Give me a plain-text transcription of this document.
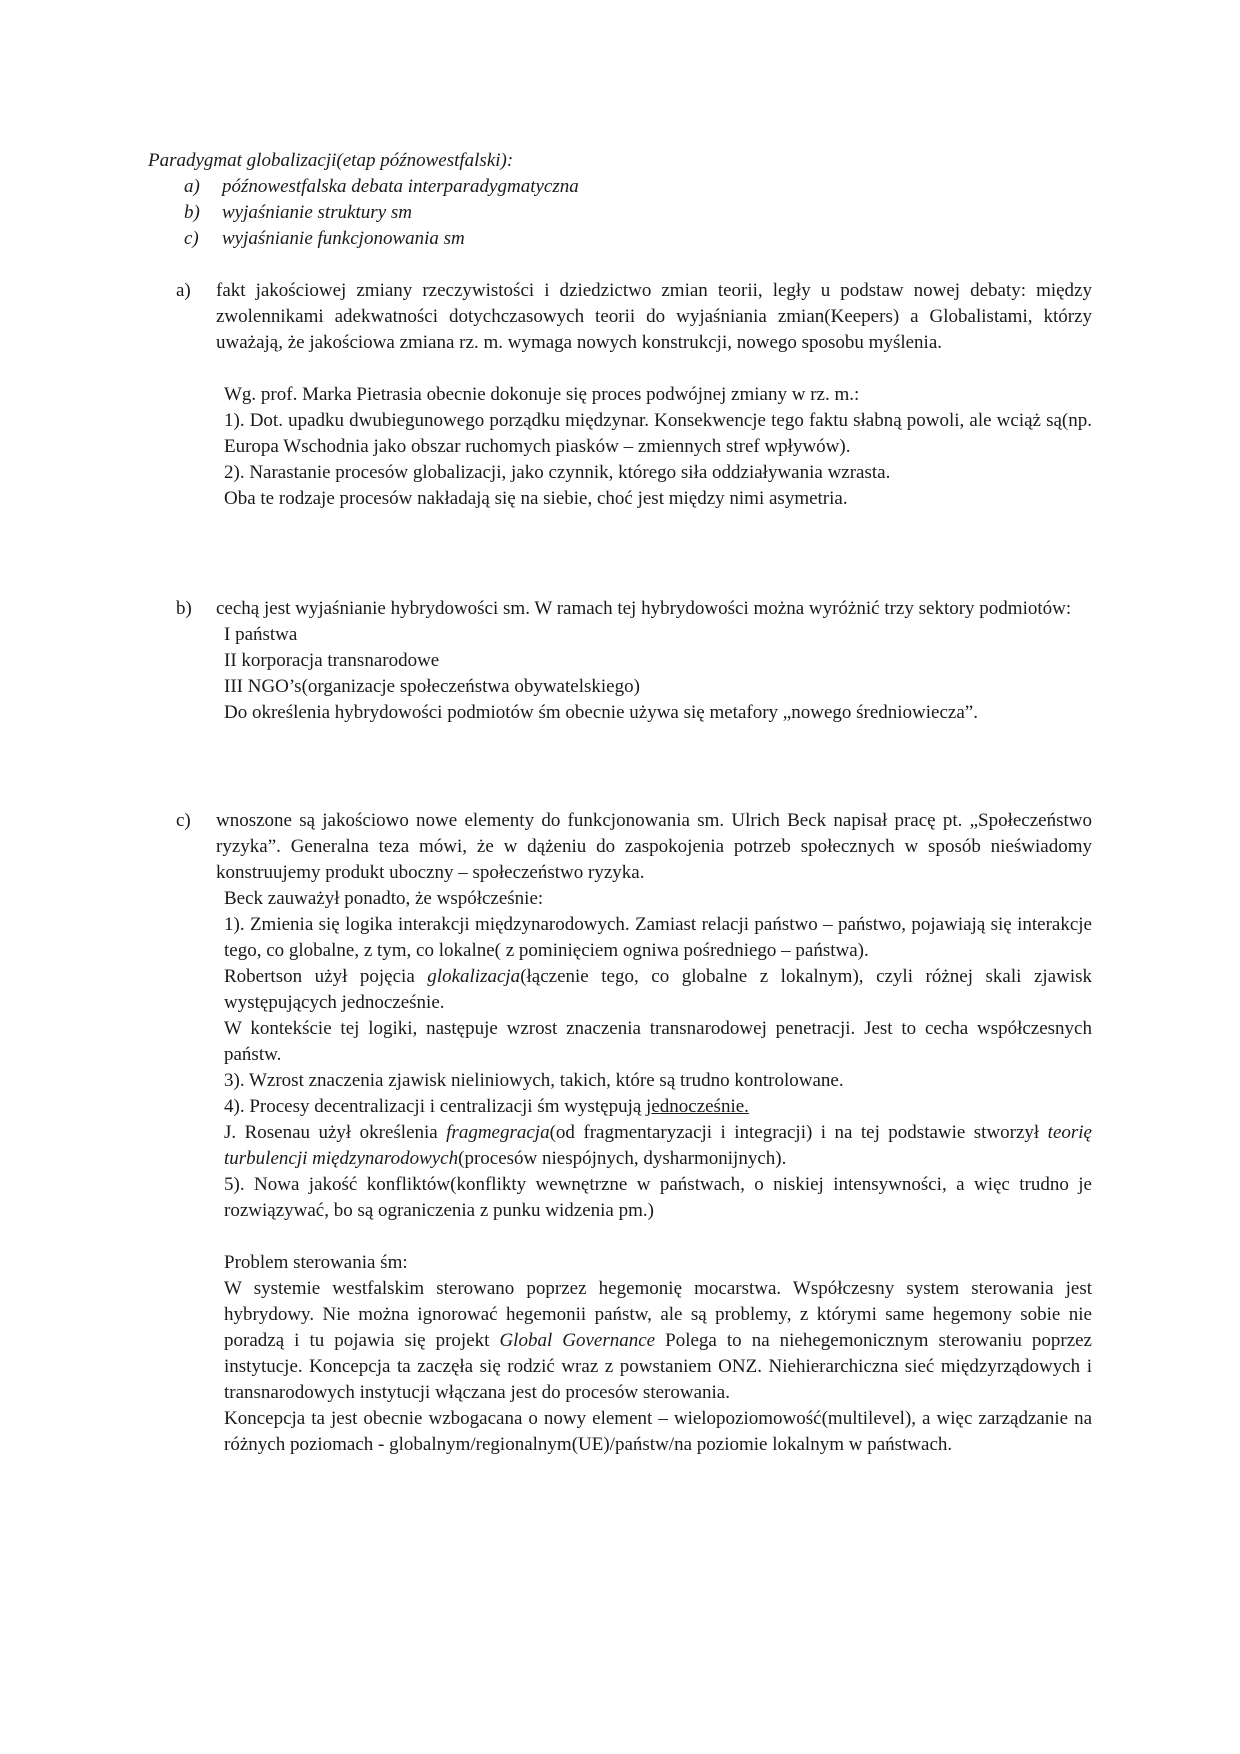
Paradygmat globalizacji(etap późnowestfalski):
a)	późnowestfalska debata interparadygmatyczna
b)	wyjaśnianie struktury sm
c)	wyjaśnianie funkcjonowania sm
a) fakt jakościowej zmiany rzeczywistości i dziedzictwo zmian teorii, legły u podstaw nowej debaty: między zwolennikami adekwatności dotychczasowych teorii do wyjaśniania zmian(Keepers) a Globalistami, którzy uważają, że jakościowa zmiana rz. m. wymaga nowych konstrukcji, nowego sposobu myślenia.

Wg. prof. Marka Pietrasia obecnie dokonuje się proces podwójnej zmiany w rz. m.:

1). Dot. upadku dwubiegunowego porządku międzynar. Konsekwencje tego faktu słabną powoli, ale wciąż są(np. Europa Wschodnia jako obszar ruchomych piasków – zmiennych stref wpływów).

2). Narastanie procesów globalizacji, jako czynnik, którego siła oddziaływania wzrasta.

Oba te rodzaje procesów nakładają się na siebie, choć jest między nimi asymetria.

b) cechą jest wyjaśnianie hybrydowości sm. W ramach tej hybrydowości można wyróżnić trzy sektory podmiotów:

I państwa

II korporacja transnarodowe

III NGO’s(organizacje społeczeństwa obywatelskiego)

Do określenia hybrydowości podmiotów śm obecnie używa się metafory „nowego średniowiecza”.

c) wnoszone są jakościowo nowe elementy do funkcjonowania sm. Ulrich Beck napisał pracę pt. „Społeczeństwo ryzyka”. Generalna teza mówi, że w dążeniu do zaspokojenia potrzeb społecznych w sposób nieświadomy konstruujemy produkt uboczny – społeczeństwo ryzyka.

Beck zauważył ponadto, że współcześnie:

1). Zmienia się logika interakcji międzynarodowych. Zamiast relacji państwo – państwo, pojawiają się interakcje tego, co globalne, z tym, co lokalne( z pominięciem ogniwa pośredniego – państwa).

Robertson użył pojęcia glokalizacja(łączenie tego, co globalne z lokalnym), czyli różnej skali zjawisk występujących jednocześnie.

W kontekście tej logiki, następuje wzrost znaczenia transnarodowej penetracji. Jest to cecha współczesnych państw.

3). Wzrost znaczenia zjawisk nieliniowych, takich, które są trudno kontrolowane.

4). Procesy decentralizacji i centralizacji śm występują jednocześnie.

J. Rosenau użył określenia fragmegracja(od fragmentaryzacji i integracji) i na tej podstawie stworzył teorię turbulencji międzynarodowych(procesów niespójnych, dysharmonijnych).

5). Nowa jakość konfliktów(konflikty wewnętrzne w państwach, o niskiej intensywności, a więc trudno je rozwiązywać, bo są ograniczenia z punku widzenia pm.)

Problem sterowania śm:

W systemie westfalskim sterowano poprzez hegemonię mocarstwa. Współczesny system sterowania jest hybrydowy. Nie można ignorować hegemonii państw, ale są problemy, z którymi same hegemony sobie nie poradzą i tu pojawia się projekt Global Governance Polega to na niehegemonicznym sterowaniu poprzez instytucje. Koncepcja ta zaczęła się rodzić wraz z powstaniem ONZ. Niehierarchiczna sieć międzyrządowych i transnarodowych instytucji włączana jest do procesów sterowania.

Koncepcja ta jest obecnie wzbogacana o nowy element – wielopoziomowość(multilevel), a więc zarządzanie na różnych poziomach - globalnym/regionalnym(UE)/państw/na poziomie lokalnym w państwach.
